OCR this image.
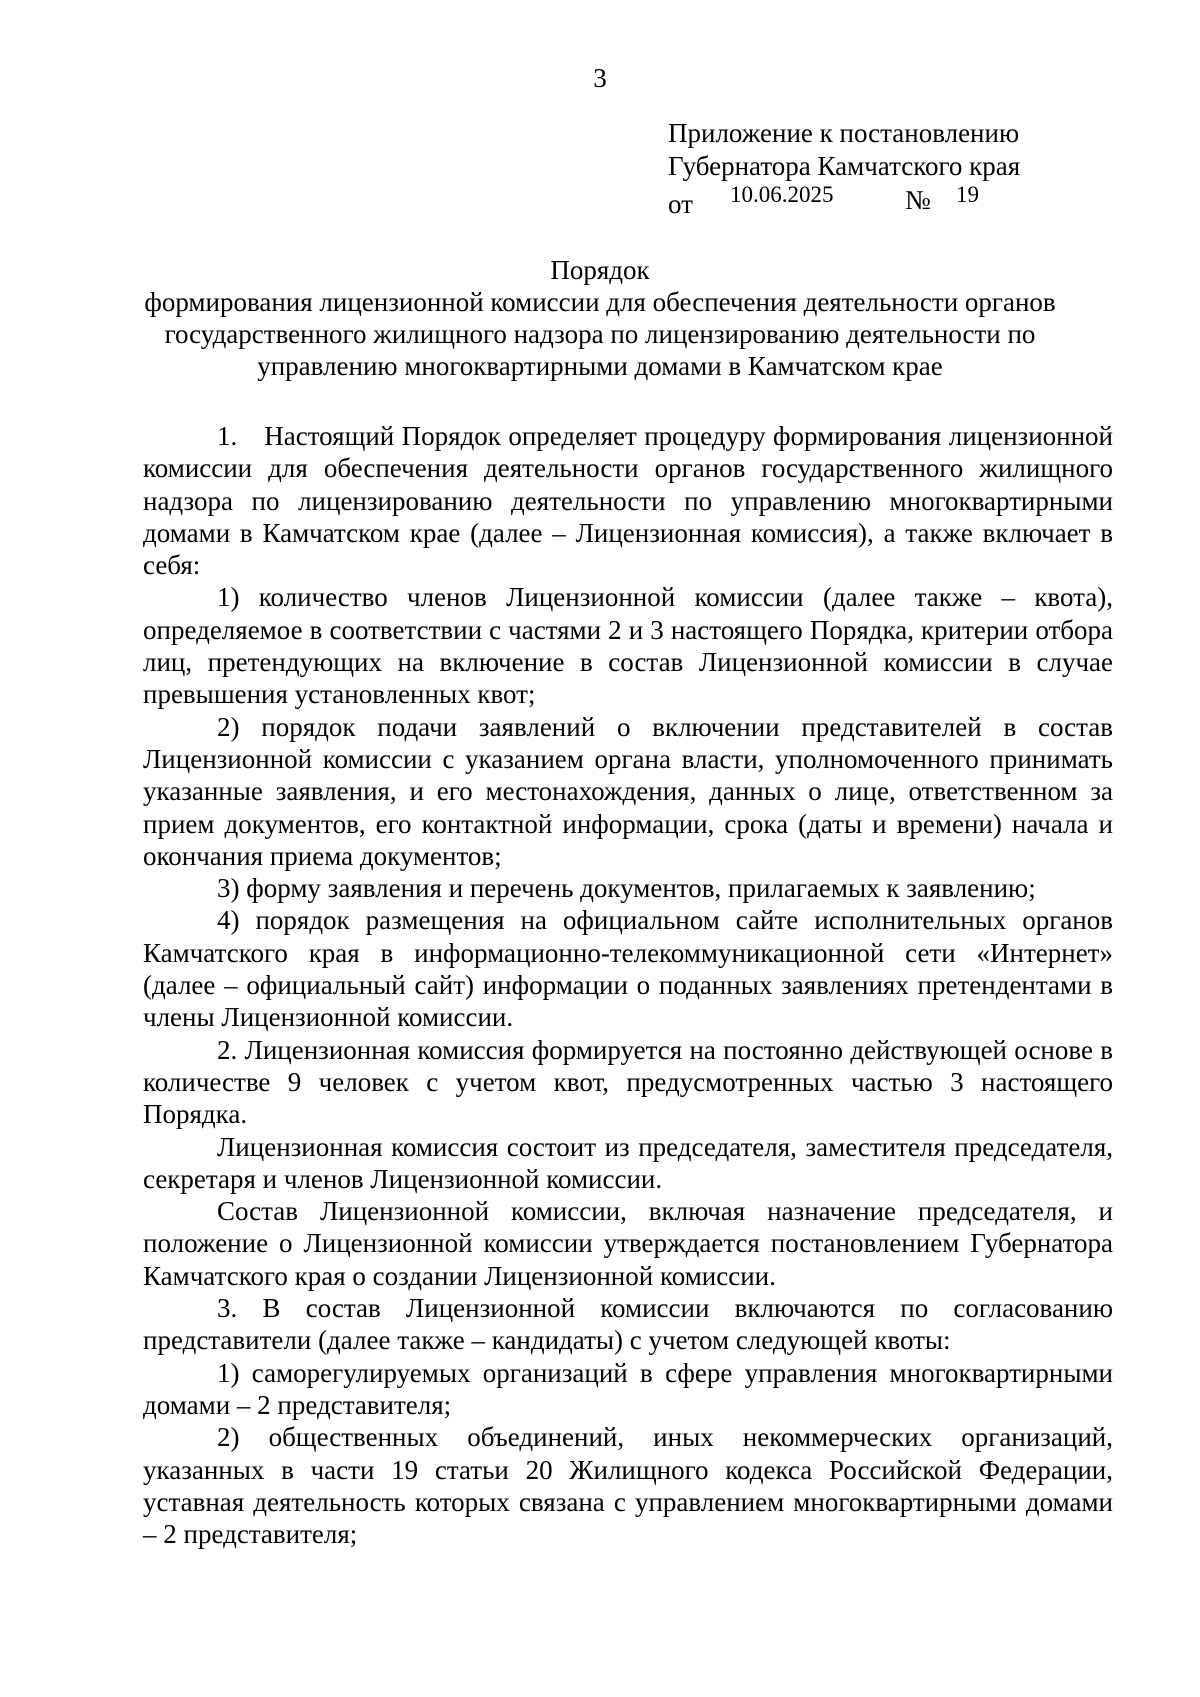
3
Приложение к постановлению
Губернатора Камчатского края
от 10.06.2025	№ 19
Порядок
формирования лицензионной комиссии для обеспечения деятельности органов
государственного жилищного надзора по лицензированию деятельности по
управлению многоквартирными домами в Камчатском крае

1. Настоящий Порядок определяет процедуру формирования лицензионной комиссии для обеспечения деятельности органов государственного жилищного надзора по лицензированию деятельности по управлению многоквартирными домами в Камчатском крае (далее – Лицензионная комиссия), а также включает в себя:

1) количество членов Лицензионной комиссии (далее также – квота), определяемое в соответствии с частями 2 и 3 настоящего Порядка, критерии отбора лиц, претендующих на включение в состав Лицензионной комиссии в случае превышения установленных квот;

2) порядок подачи заявлений о включении представителей в состав Лицензионной комиссии с указанием органа власти, уполномоченного принимать указанные заявления, и его местонахождения, данных о лице, ответственном за прием документов, его контактной информации, срока (даты и времени) начала и окончания приема документов;

3) форму заявления и перечень документов, прилагаемых к заявлению;

4) порядок размещения на официальном сайте исполнительных органов Камчатского края в информационно-телекоммуникационной сети «Интернет» (далее – официальный сайт) информации о поданных заявлениях претендентами в члены Лицензионной комиссии.

2. Лицензионная комиссия формируется на постоянно действующей основе в количестве 9 человек с учетом квот, предусмотренных частью 3 настоящего Порядка.

Лицензионная комиссия состоит из председателя, заместителя председателя, секретаря и членов Лицензионной комиссии.

Состав Лицензионной комиссии, включая назначение председателя, и положение о Лицензионной комиссии утверждается постановлением Губернатора Камчатского края о создании Лицензионной комиссии.

3. В состав Лицензионной комиссии включаются по согласованию представители (далее также – кандидаты) с учетом следующей квоты:

1) саморегулируемых организаций в сфере управления многоквартирными домами – 2 представителя;

2) общественных объединений, иных некоммерческих организаций, указанных в части 19 статьи 20 Жилищного кодекса Российской Федерации, уставная деятельность которых связана с управлением многоквартирными домами – 2 представителя;
